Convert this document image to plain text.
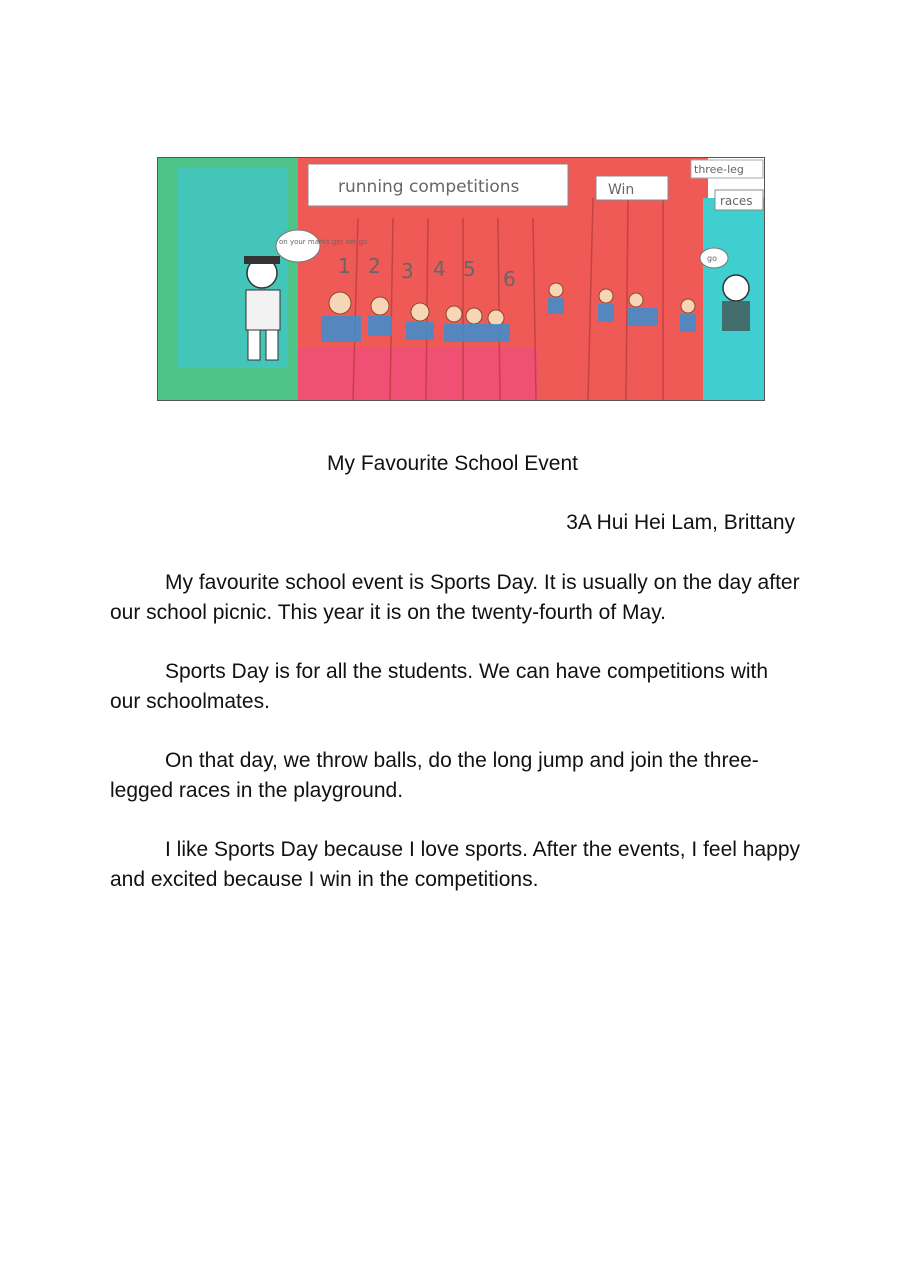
running competitions	Win
three-leg
races
on your marks get set go
1 2 3 4 5 6
go
My Favourite School Event
3A Hui Hei Lam, Brittany

My favourite school event is Sports Day. It is usually on the day after our school picnic. This year it is on the twenty-fourth of May.

Sports Day is for all the students. We can have competitions with our schoolmates.

On that day, we throw balls, do the long jump and join the three-legged races in the playground.

I like Sports Day because I love sports. After the events, I feel happy and excited because I win in the competitions.
